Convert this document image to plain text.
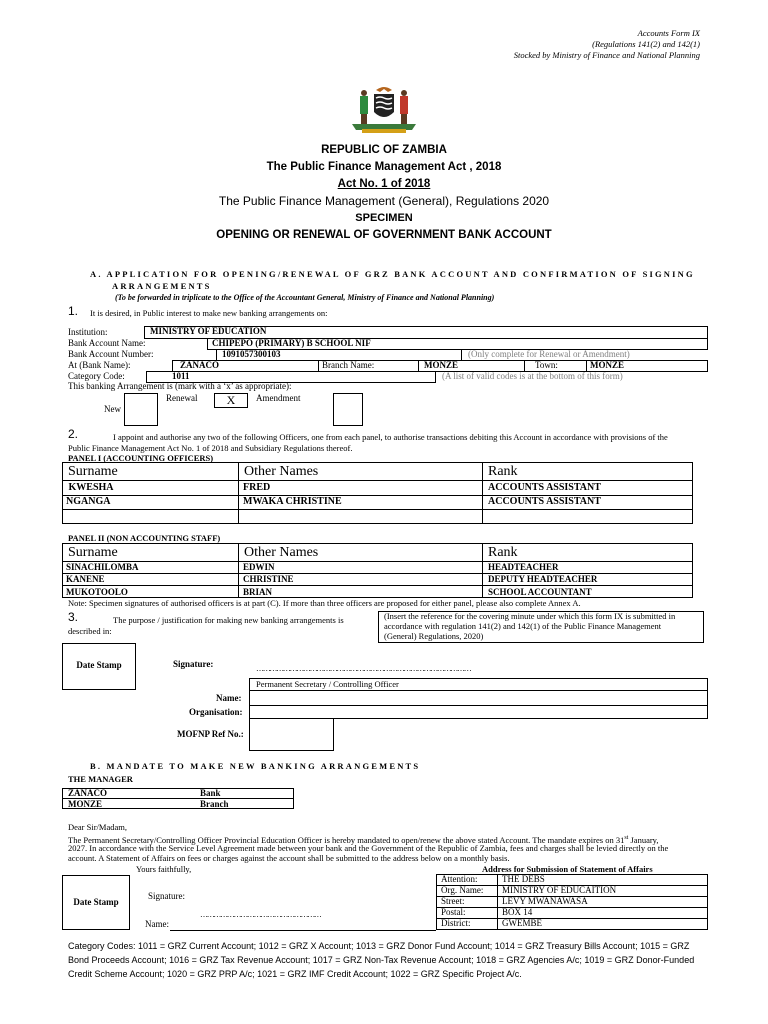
Accounts Form IX
(Regulations 141(2) and 142(1)
Stocked by Ministry of Finance and National Planning
REPUBLIC OF ZAMBIA
The Public Finance Management Act , 2018
Act No. 1 of 2018
The Public Finance Management (General), Regulations 2020
SPECIMEN
OPENING OR RENEWAL OF GOVERNMENT BANK ACCOUNT
A. APPLICATION FOR OPENING/RENEWAL OF GRZ BANK ACCOUNT AND CONFIRMATION OF SIGNING
ARRANGEMENTS
(To be forwarded in triplicate to the Office of the Accountant General, Ministry of Finance and National Planning)
1. It is desired, in Public interest to make new banking arrangements on:
Institution:	MINISTRY OF EDUCATION
Bank Account Name:	CHIPEPO (PRIMARY) B SCHOOL NIF
Bank Account Number:	1091057300103	(Only complete for Renewal or Amendment)
At (Bank Name):	ZANACO	Branch Name:	MONZE	Town:	MONZE
Category Code:	1011	(A list of valid codes is at the bottom of this form)
This banking Arrangement is (mark with a ‘x’ as appropriate):
New
Renewal	X	Amendment
2.	I appoint and authorise any two of the following Officers, one from each panel, to authorise transactions debiting this Account in accordance with provisions of the
Public Finance Management Act No. 1 of 2018 and Subsidiary Regulations thereof.
PANEL I (ACCOUNTING OFFICERS)
Surname	Other Names	Rank
KWESHA	FRED	ACCOUNTS ASSISTANT
NGANGA	MWAKA CHRISTINE	ACCOUNTS ASSISTANT
PANEL II (NON ACCOUNTING STAFF)
Surname	Other Names	Rank
SINACHILOMBA	EDWIN	HEADTEACHER
KANENE	CHRISTINE	DEPUTY HEADTEACHER
MUKOTOOLO	BRIAN	SCHOOL ACCOUNTANT
Note: Specimen signatures of authorised officers is at part (C). If more than three officers are proposed for either panel, please also complete Annex A.
3.	The purpose / justification for making new banking arrangements is
described in:
(Insert the reference for the covering minute under which this form IX is submitted in
accordance with regulation 141(2) and 142(1) of the Public Finance Management
(General) Regulations, 2020)
Date Stamp	Signature:	……………………………………………………………………………………
Permanent Secretary / Controlling Officer
Name:
Organisation:
MOFNP Ref No.:
B. MANDATE TO MAKE NEW BANKING ARRANGEMENTS
THE MANAGER
ZANACO	Bank
MONZE	Branch
Dear Sir/Madam,
The Permanent Secretary/Controlling Officer Provincial Education Officer is hereby mandated to open/renew the above stated Account. The mandate expires on 31st January,
2027. In accordance with the Service Level Agreement made between your bank and the Government of the Republic of Zambia, fees and charges shall be levied directly on the
account. A Statement of Affairs on fees or charges against the account shall be submitted to the address below on a monthly basis.
Yours faithfully,	Address for Submission of Statement of Affairs
Attention:	THE DEBS
Org. Name: MINISTRY OF EDUCAITION
Street:	LEVY MWANAWASA
Postal:	BOX 14
District:	GWEMBE
Date Stamp
Signature:
………………………………………………
Name:
Category Codes: 1011 = GRZ Current Account; 1012 = GRZ X Account; 1013 = GRZ Donor Fund Account; 1014 = GRZ Treasury Bills Account; 1015 = GRZ
Bond Proceeds Account; 1016 = GRZ Tax Revenue Account; 1017 = GRZ Non-Tax Revenue Account; 1018 = GRZ Agencies A/c; 1019 = GRZ Donor-Funded
Credit Scheme Account; 1020 = GRZ PRP A/c; 1021 = GRZ IMF Credit Account; 1022 = GRZ Specific Project A/c.
